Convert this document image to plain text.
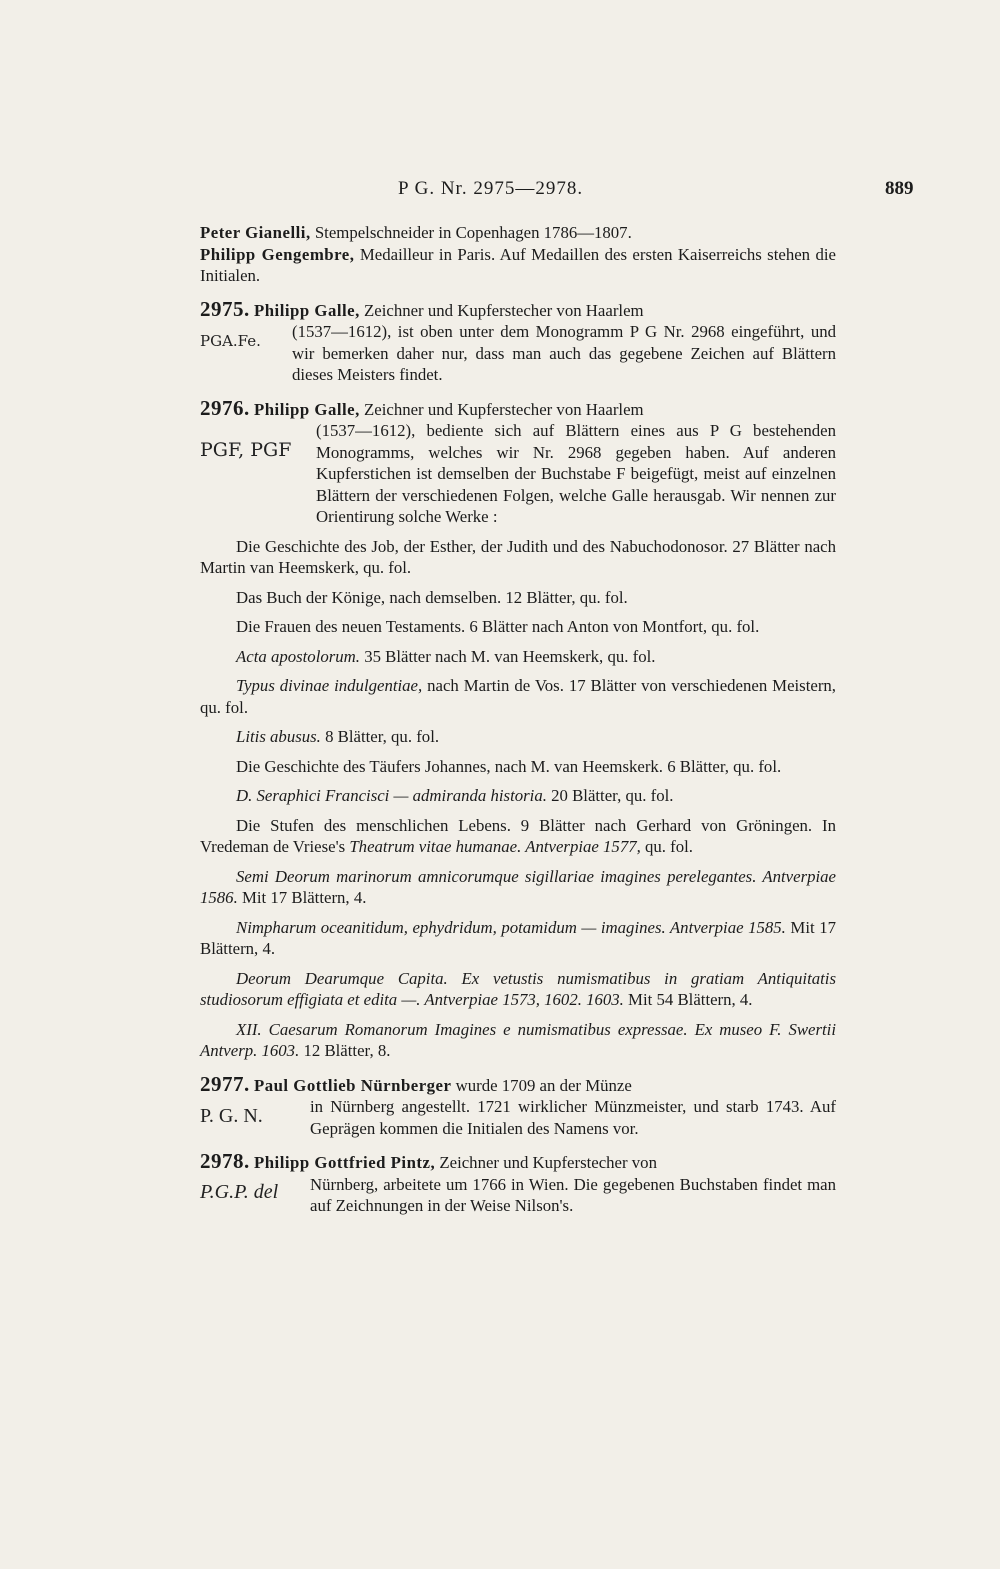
P G. Nr. 2975—2978.	889

Peter Gianelli, Stempelschneider in Copenhagen 1786—1807.

Philipp Gengembre, Medailleur in Paris. Auf Medaillen des ersten Kaiserreichs stehen die Initialen.

2975. Philipp Galle, Zeichner und Kupferstecher von Haarlem

PGA.Fe.	(1537—1612), ist oben unter dem Monogramm P G Nr. 2968 eingeführt, und wir bemerken daher nur, dass man auch das gegebene Zeichen auf Blättern dieses Meisters findet.

2976. Philipp Galle, Zeichner und Kupferstecher von Haarlem

PGF, PGF
(1537—1612), bediente sich auf Blättern eines aus P G bestehenden Monogramms, welches wir Nr. 2968 gegeben haben. Auf anderen Kupferstichen ist demselben der Buchstabe F beigefügt, meist auf einzelnen Blättern der verschiedenen Folgen, welche Galle herausgab. Wir nennen zur Orientirung solche Werke :

Die Geschichte des Job, der Esther, der Judith und des Nabuchodonosor. 27 Blätter nach Martin van Heemskerk, qu. fol.

Das Buch der Könige, nach demselben. 12 Blätter, qu. fol.

Die Frauen des neuen Testaments. 6 Blätter nach Anton von Montfort, qu. fol.

Acta apostolorum. 35 Blätter nach M. van Heemskerk, qu. fol.

Typus divinae indulgentiae, nach Martin de Vos. 17 Blätter von verschiedenen Meistern, qu. fol.

Litis abusus. 8 Blätter, qu. fol.

Die Geschichte des Täufers Johannes, nach M. van Heemskerk. 6 Blätter, qu. fol.

D. Seraphici Francisci — admiranda historia. 20 Blätter, qu. fol.

Die Stufen des menschlichen Lebens. 9 Blätter nach Gerhard von Gröningen. In Vredeman de Vriese's Theatrum vitae humanae. Antverpiae 1577, qu. fol.

Semi Deorum marinorum amnicorumque sigillariae imagines perelegantes. Antverpiae 1586. Mit 17 Blättern, 4.

Nimpharum oceanitidum, ephydridum, potamidum — imagines. Antverpiae 1585. Mit 17 Blättern, 4.

Deorum Dearumque Capita. Ex vetustis numismatibus in gratiam Antiquitatis studiosorum effigiata et edita —. Antverpiae 1573, 1602. 1603. Mit 54 Blättern, 4.

XII. Caesarum Romanorum Imagines e numismatibus expressae. Ex museo F. Swertii Antverp. 1603. 12 Blätter, 8.

2977. Paul Gottlieb Nürnberger wurde 1709 an der Münze

P. G. N.	in Nürnberg angestellt. 1721 wirklicher Münzmeister, und starb 1743. Auf Geprägen kommen die Initialen des Namens vor.

2978. Philipp Gottfried Pintz, Zeichner und Kupferstecher von

P.G.P. del	Nürnberg, arbeitete um 1766 in Wien. Die gegebenen Buchstaben findet man auf Zeichnungen in der Weise Nilson's.
